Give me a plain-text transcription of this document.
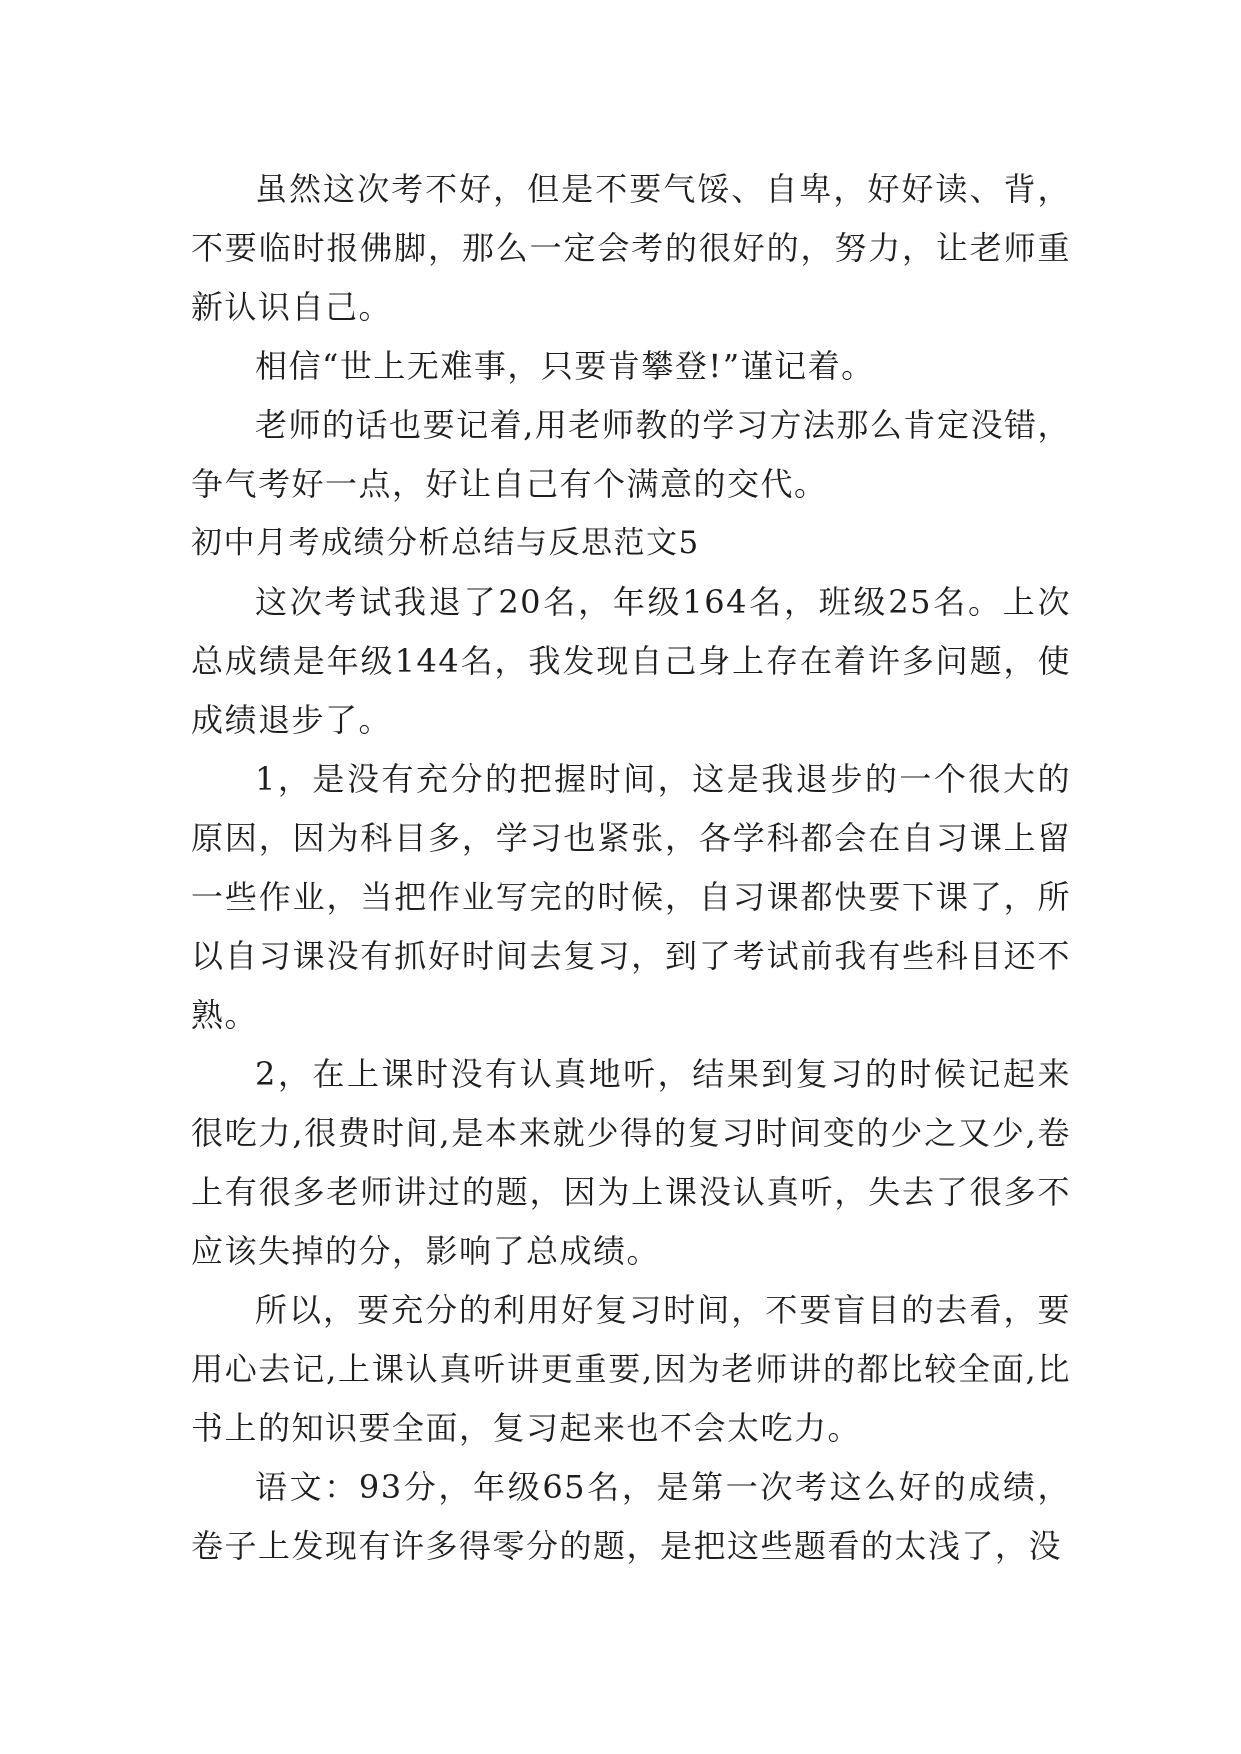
虽然这次考不好，但是不要气馁、自卑，好好读、背，不要临时报佛脚，那么一定会考的很好的，努力，让老师重新认识自己。

相信“世上无难事，只要肯攀登!”谨记着。

老师的话也要记着,用老师教的学习方法那么肯定没错，争气考好一点，好让自己有个满意的交代。

初中月考成绩分析总结与反思范文5

这次考试我退了20名，年级164名，班级25名。上次总成绩是年级144名，我发现自己身上存在着许多问题，使成绩退步了。

1，是没有充分的把握时间，这是我退步的一个很大的原因，因为科目多，学习也紧张，各学科都会在自习课上留一些作业，当把作业写完的时候，自习课都快要下课了，所以自习课没有抓好时间去复习，到了考试前我有些科目还不熟。

2，在上课时没有认真地听，结果到复习的时候记起来很吃力,很费时间,是本来就少得的复习时间变的少之又少,卷上有很多老师讲过的题，因为上课没认真听，失去了很多不应该失掉的分，影响了总成绩。

所以，要充分的利用好复习时间，不要盲目的去看，要用心去记,上课认真听讲更重要,因为老师讲的都比较全面,比书上的知识要全面，复习起来也不会太吃力。

语文：93分，年级65名，是第一次考这么好的成绩，卷子上发现有许多得零分的题，是把这些题看的太浅了，没
